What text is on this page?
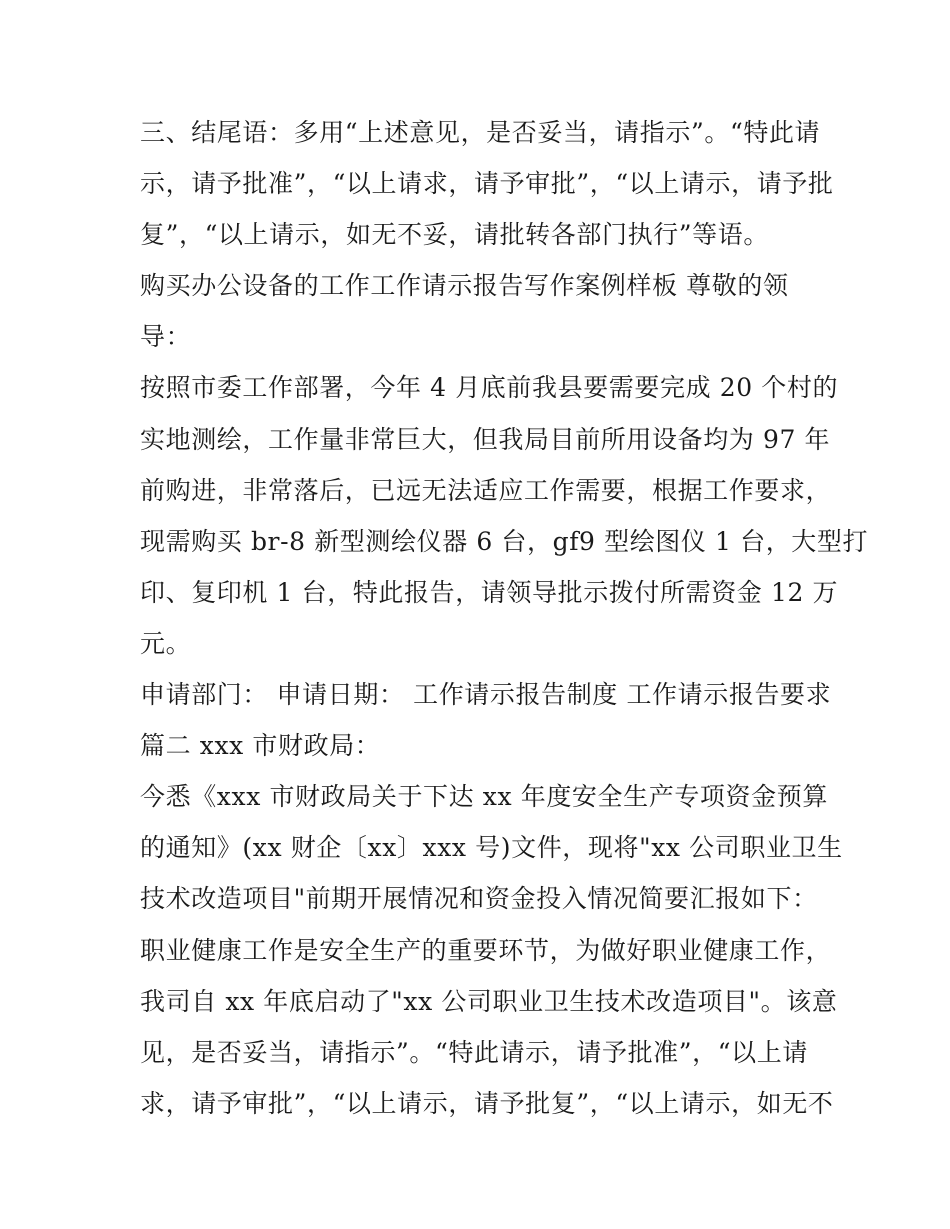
三、结尾语：多用“上述意见，是否妥当，请指示”。“特此请
示，请予批准”，“以上请求，请予审批”，“以上请示，请予批
复”，“以上请示，如无不妥，请批转各部门执行”等语。
购买办公设备的工作工作请示报告写作案例样板 尊敬的领
导：
按照市委工作部署，今年 4 月底前我县要需要完成 20 个村的
实地测绘，工作量非常巨大，但我局目前所用设备均为 97 年
前购进，非常落后，已远无法适应工作需要，根据工作要求，
现需购买 br-8 新型测绘仪器 6 台，gf9 型绘图仪 1 台，大型打
印、复印机 1 台，特此报告，请领导批示拨付所需资金 12 万
元。
申请部门： 申请日期： 工作请示报告制度 工作请示报告要求
篇二 xxx 市财政局：
今悉《xxx 市财政局关于下达 xx 年度安全生产专项资金预算
的通知》(xx 财企〔xx〕xxx 号)文件，现将"xx 公司职业卫生
技术改造项目"前期开展情况和资金投入情况简要汇报如下：
职业健康工作是安全生产的重要环节，为做好职业健康工作，
我司自 xx 年底启动了"xx 公司职业卫生技术改造项目"。该意
见，是否妥当，请指示”。“特此请示，请予批准”，“以上请
求，请予审批”，“以上请示，请予批复”，“以上请示，如无不
